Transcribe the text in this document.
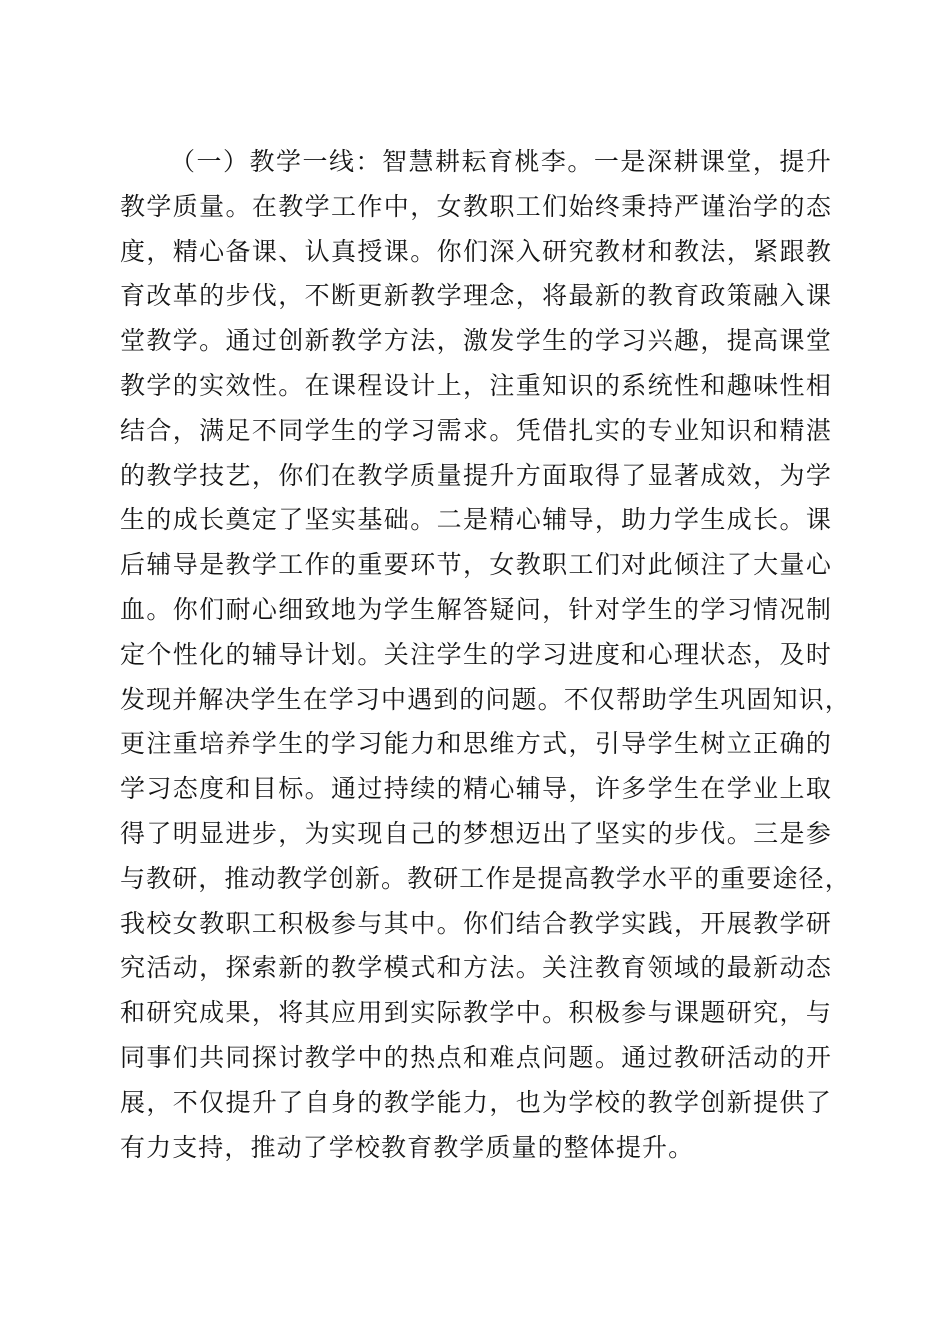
（一）教学一线：智慧耕耘育桃李。一是深耕课堂，提升
教学质量。在教学工作中，女教职工们始终秉持严谨治学的态
度，精心备课、认真授课。你们深入研究教材和教法，紧跟教
育改革的步伐，不断更新教学理念，将最新的教育政策融入课
堂教学。通过创新教学方法，激发学生的学习兴趣，提高课堂
教学的实效性。在课程设计上，注重知识的系统性和趣味性相
结合，满足不同学生的学习需求。凭借扎实的专业知识和精湛
的教学技艺，你们在教学质量提升方面取得了显著成效，为学
生的成长奠定了坚实基础。二是精心辅导，助力学生成长。课
后辅导是教学工作的重要环节，女教职工们对此倾注了大量心
血。你们耐心细致地为学生解答疑问，针对学生的学习情况制
定个性化的辅导计划。关注学生的学习进度和心理状态，及时
发现并解决学生在学习中遇到的问题。不仅帮助学生巩固知识，
更注重培养学生的学习能力和思维方式，引导学生树立正确的
学习态度和目标。通过持续的精心辅导，许多学生在学业上取
得了明显进步，为实现自己的梦想迈出了坚实的步伐。三是参
与教研，推动教学创新。教研工作是提高教学水平的重要途径，
我校女教职工积极参与其中。你们结合教学实践，开展教学研
究活动，探索新的教学模式和方法。关注教育领域的最新动态
和研究成果，将其应用到实际教学中。积极参与课题研究，与
同事们共同探讨教学中的热点和难点问题。通过教研活动的开
展，不仅提升了自身的教学能力，也为学校的教学创新提供了
有力支持，推动了学校教育教学质量的整体提升。
